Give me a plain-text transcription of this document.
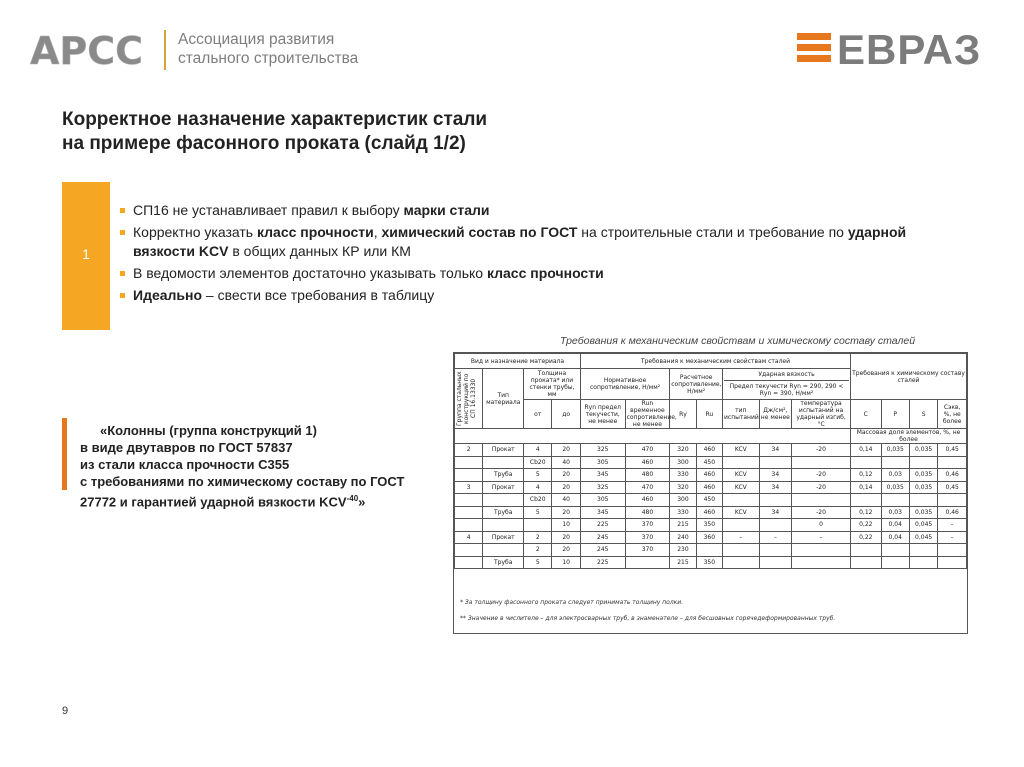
АРСС Ассоциация развития
стального строительства	ЕВРАЗ
Корректное назначение характеристик стали
на примере фасонного проката (слайд 1/2)
1
СП16 не устанавливает правил к выбору марки стали
Корректно указать класс прочности, химический состав по ГОСТ на строительные стали и требование по ударной вязкости KCV в общих данных КР или КМ
В ведомости элементов достаточно указывать только класс прочности
Идеально – свести все требования в таблицу
«Колонны (группа конструкций 1)
в виде двутавров по ГОСТ 57837
из стали класса прочности С355
с требованиями по химическому составу по ГОСТ
27772 и гарантией ударной вязкости $KCV^{-40}$»
Требования к механическим свойствам и химическому составу сталей
Вид и назначение материала				Требования к механическим свойствам сталей							Требования к химическому составу сталей			

Группа стальных конструкций по СП 16.13330	Тип материала	Толщина проката* или стенки трубы, мм		Нормативное сопротивление, Н/мм²		Расчетное сопротивление, Н/мм²		Ударная вязкость
Предел текучести Rуn = 290, 290 < Rуn = 390, Н/мм²						

		от	до	Rуn предел текучести, не менее	Run временное сопротивление, не менее	Rу	Ru	тип испытаний	Дж/см², не менее	температура испытаний на ударный изгиб, °С	C	P	S	Сэкв, %, не более
											Массовая доля элементов, %, не более			
2	Прокат	4	20	325	470	320	460	KCV	34	-20	0,14	0,035	0,035	0,45
		Cb20	40	305	460	300	450							
	Труба	5	20	345	480	330	460	KCV	34	-20	0,12	0,03	0,035	0,46
3	Прокат	4	20	325	470	320	460	KCV	34	-20	0,14	0,035	0,035	0,45
		Cb20	40	305	460	300	450							
	Труба	5	20	345	480	330	460	KCV	34	-20	0,12	0,03	0,035	0,46
			10	225	370	215	350			0	0,22	0,04	0,045	–
4	Прокат	2	20	245	370	240	360	–	–	–	0,22	0,04	0,045	–
		2	20	245	370	230								
	Труба	5	10	225		215	350							
* За толщину фасонного проката следует принимать толщину полки.
** Значение в числителе – для электросварных труб, в знаменателе – для бесшовных горячедеформированных труб.
9
